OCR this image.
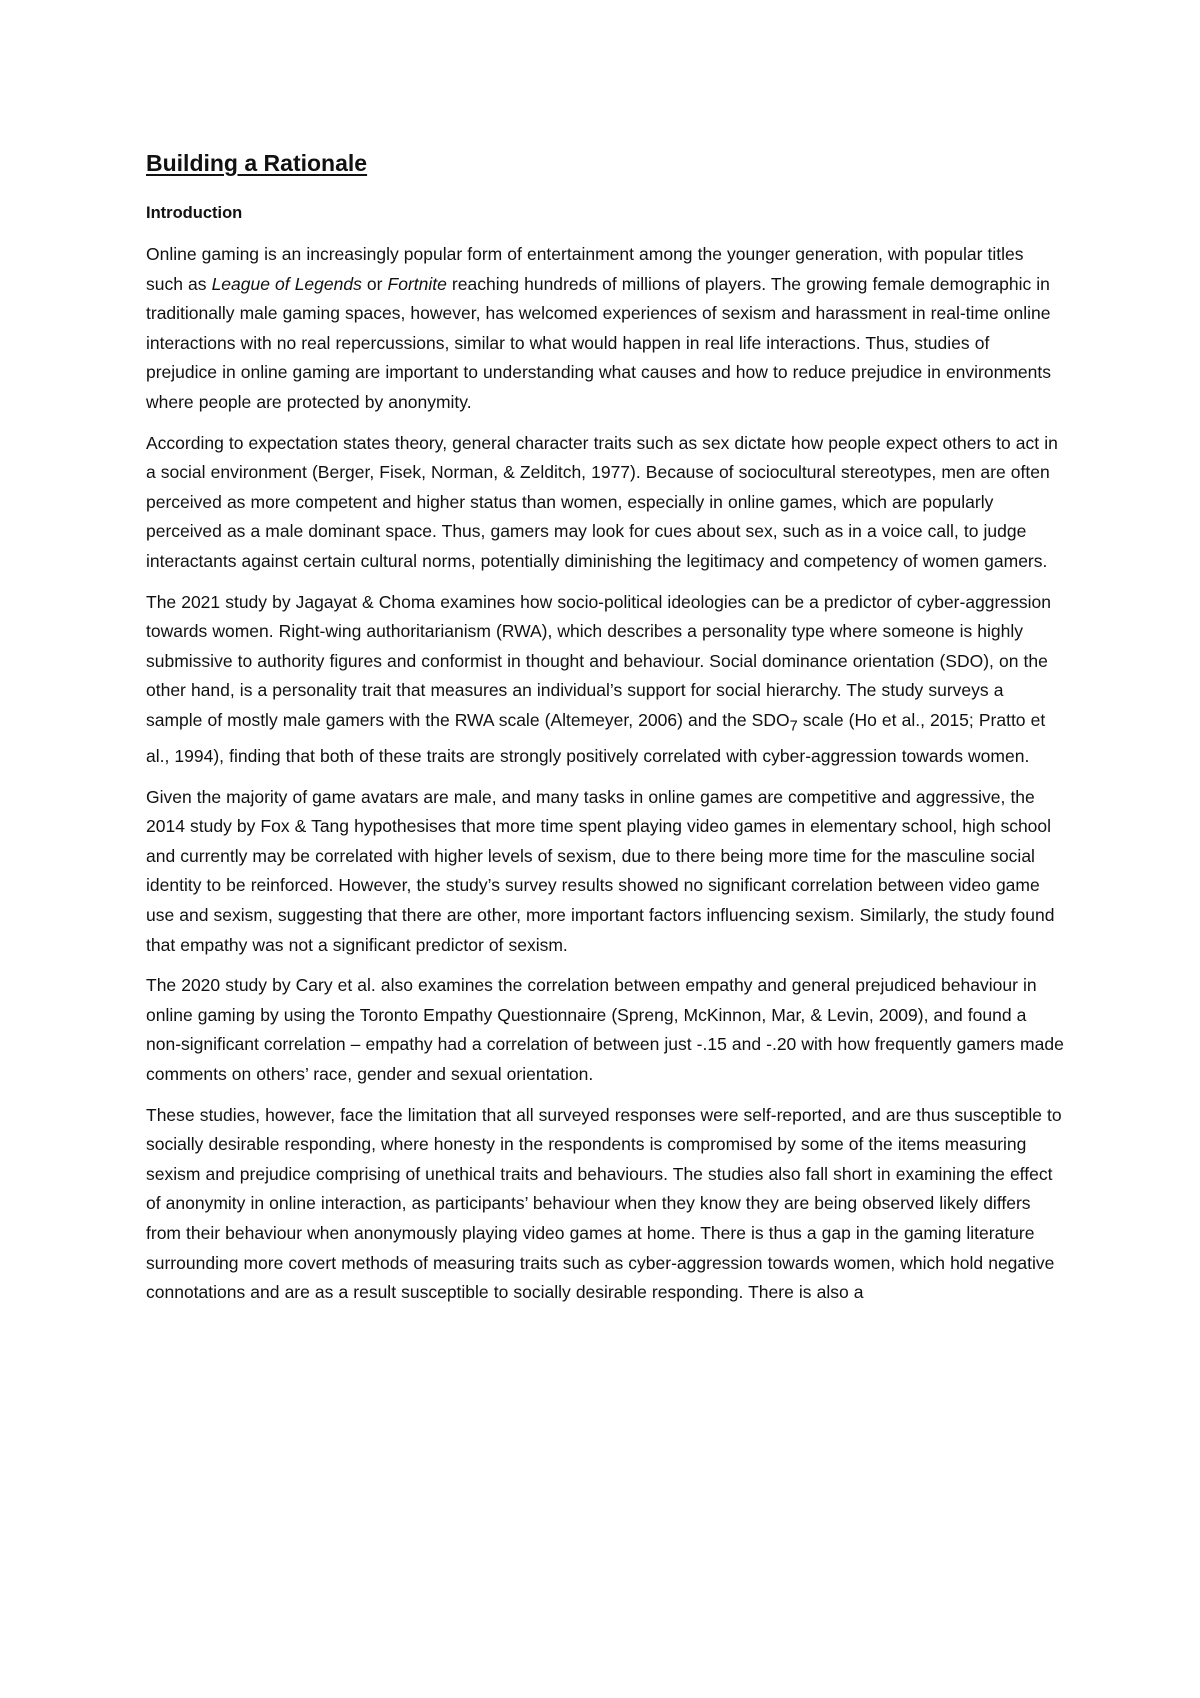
Building a Rationale
Introduction

Online gaming is an increasingly popular form of entertainment among the younger generation, with popular titles such as League of Legends or Fortnite reaching hundreds of millions of players. The growing female demographic in traditionally male gaming spaces, however, has welcomed experiences of sexism and harassment in real-time online interactions with no real repercussions, similar to what would happen in real life interactions. Thus, studies of prejudice in online gaming are important to understanding what causes and how to reduce prejudice in environments where people are protected by anonymity.

According to expectation states theory, general character traits such as sex dictate how people expect others to act in a social environment (Berger, Fisek, Norman, & Zelditch, 1977). Because of sociocultural stereotypes, men are often perceived as more competent and higher status than women, especially in online games, which are popularly perceived as a male dominant space. Thus, gamers may look for cues about sex, such as in a voice call, to judge interactants against certain cultural norms, potentially diminishing the legitimacy and competency of women gamers.

The 2021 study by Jagayat & Choma examines how socio-political ideologies can be a predictor of cyber-aggression towards women. Right-wing authoritarianism (RWA), which describes a personality type where someone is highly submissive to authority figures and conformist in thought and behaviour. Social dominance orientation (SDO), on the other hand, is a personality trait that measures an individual’s support for social hierarchy. The study surveys a sample of mostly male gamers with the RWA scale (Altemeyer, 2006) and the $SDO_7$ scale (Ho et al., 2015; Pratto et al., 1994), finding that both of these traits are strongly positively correlated with cyber-aggression towards women.

Given the majority of game avatars are male, and many tasks in online games are competitive and aggressive, the 2014 study by Fox & Tang hypothesises that more time spent playing video games in elementary school, high school and currently may be correlated with higher levels of sexism, due to there being more time for the masculine social identity to be reinforced. However, the study’s survey results showed no significant correlation between video game use and sexism, suggesting that there are other, more important factors influencing sexism. Similarly, the study found that empathy was not a significant predictor of sexism.

The 2020 study by Cary et al. also examines the correlation between empathy and general prejudiced behaviour in online gaming by using the Toronto Empathy Questionnaire (Spreng, McKinnon, Mar, & Levin, 2009), and found a non-significant correlation – empathy had a correlation of between just -.15 and -.20 with how frequently gamers made comments on others’ race, gender and sexual orientation.

These studies, however, face the limitation that all surveyed responses were self-reported, and are thus susceptible to socially desirable responding, where honesty in the respondents is compromised by some of the items measuring sexism and prejudice comprising of unethical traits and behaviours. The studies also fall short in examining the effect of anonymity in online interaction, as participants’ behaviour when they know they are being observed likely differs from their behaviour when anonymously playing video games at home. There is thus a gap in the gaming literature surrounding more covert methods of measuring traits such as cyber-aggression towards women, which hold negative connotations and are as a result susceptible to socially desirable responding. There is also a
